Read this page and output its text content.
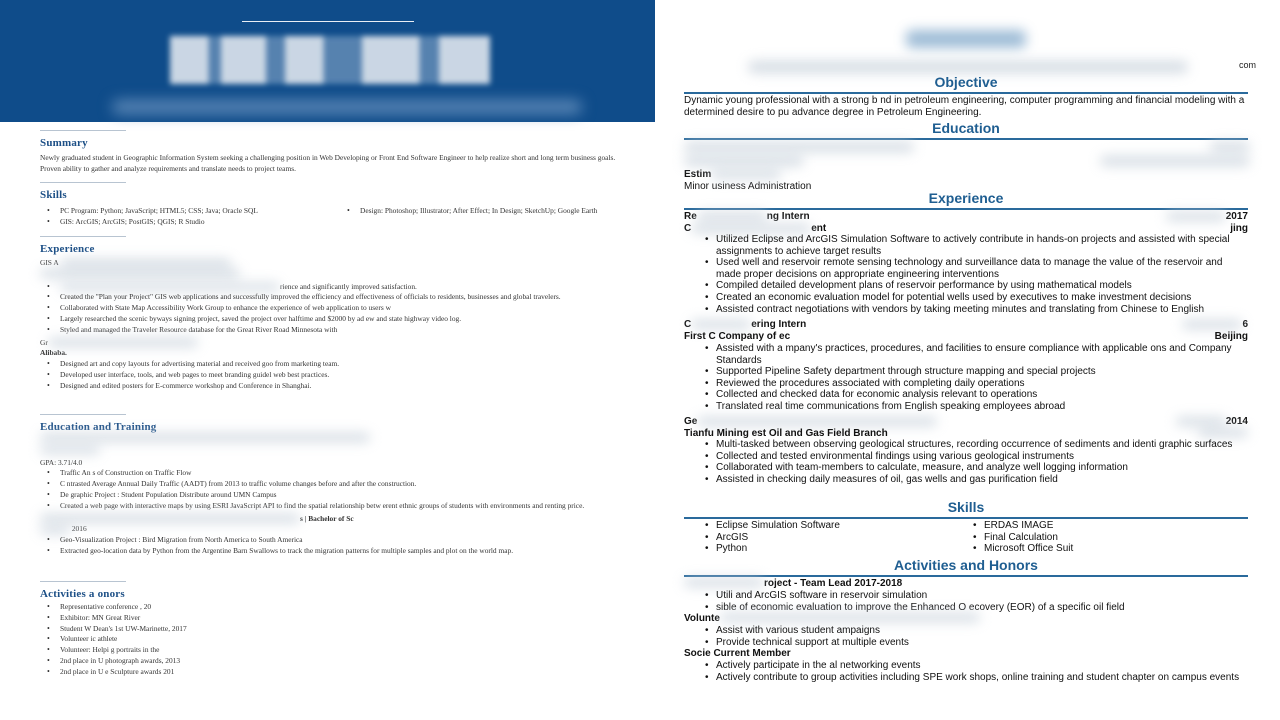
Summary

Newly graduated student in Geographic Information System seeking a challenging position in Web Developing or Front End Software Engineer to help realize short and long term business goals. Proven ability to gather and analyze requirements and translate needs to project teams.

Skills
• PC Program: Python; JavaScript; HTML5; CSS; Java; Oracle SQL
• GIS: ArcGIS; ArcGIS; PostGIS; QGIS; R Studio
• Design: Photoshop; Illustrator; After Effect; In Design; SketchUp; Google Earth
Experience

GIS A

• rience and significantly improved satisfaction.
• Created the "Plan your Project" GIS web applications and successfully improved the efficiency and effectiveness of officials to residents, businesses and global travelers.
• Collaborated with State Map Accessibility Work Group to enhance the experience of web application to users w
• Largely researched the scenic byways signing project, saved the project over halftime and $2000 by ad ew and state highway video log.
• Styled and managed the Traveler Resource database for the Great River Road Minnesota with

Gr

Alibaba.

• Designed art and copy layouts for advertising material and received goo from marketing team.
• Developed user interface, tools, and web pages to meet branding guidel web best practices.
• Designed and edited posters for E-commerce workshop and Conference in Shanghai.
Education and Training

GPA: 3.71/4.0

• Traffic An s of Construction on Traffic Flow
• C ntrasted Average Annual Daily Traffic (AADT) from 2013 to traffic volume changes before and after the construction.
• De graphic Project : Student Population Distribute around UMN Campus
• Created a web page with interactive maps by using ESRI JavaScript API to find the spatial relationship betw erent ethnic groups of students with environments and renting price.

s | Bachelor of Sc

2016

• Geo-Visualization Project : Bird Migration from North America to South America
• Extracted geo-location data by Python from the Argentine Barn Swallows to track the migration patterns for multiple samples and plot on the world map.
Activities a onors
• Representative conference , 20
• Exhibitor: MN Great River
• Student W Dean's 1st UW-Marinette, 2017
• Volunteer ic athlete
• Volunteer: Helpi g portraits in the
• 2nd place in U photograph awards, 2013
• 2nd place in U e Sculpture awards 201
com
Objective
Dynamic young professional with a strong b nd in petroleum engineering, computer programming and financial modeling with a determined desire to pu advance degree in Petroleum Engineering.
Education
Estim
Minor usiness Administration
Experience
Re	ng Intern	2017
C	ent	jing
• Utilized Eclipse and ArcGIS Simulation Software to actively contribute in hands-on projects and assisted with special assignments to achieve target results
• Used well and reservoir remote sensing technology and surveillance data to manage the value of the reservoir and made proper decisions on appropriate engineering interventions
• Compiled detailed development plans of reservoir performance by using mathematical models
• Created an economic evaluation model for potential wells used by executives to make investment decisions
• Assisted contract negotiations with vendors by taking meeting minutes and translating from Chinese to English
C	ering Intern	6
First C Company of ec	Beijing
• Assisted with a mpany's practices, procedures, and facilities to ensure compliance with applicable ons and Company Standards
• Supported Pipeline Safety department through structure mapping and special projects
• Reviewed the procedures associated with completing daily operations
• Collected and checked data for economic analysis relevant to operations
• Translated real time communications from English speaking employees abroad
Ge	2014
Tianfu Mining est Oil and Gas Field Branch
• Multi-tasked between observing geological structures, recording occurrence of sediments and identi graphic surfaces
• Collected and tested environmental findings using various geological instruments
• Collaborated with team-members to calculate, measure, and analyze well logging information
• Assisted in checking daily measures of oil, gas wells and gas purification field
Skills
• Eclipse Simulation Software
• ArcGIS
• Python
• ERDAS IMAGE
• Final Calculation
• Microsoft Office Suit
Activities and Honors
roject - Team Lead 2017-2018
• Utili and ArcGIS software in reservoir simulation
• sible of economic evaluation to improve the Enhanced O ecovery (EOR) of a specific oil field
Volunte
• Assist with various student ampaigns
• Provide technical support at multiple events
Socie Current Member
• Actively participate in the al networking events
• Actively contribute to group activities including SPE work shops, online training and student chapter on campus events
